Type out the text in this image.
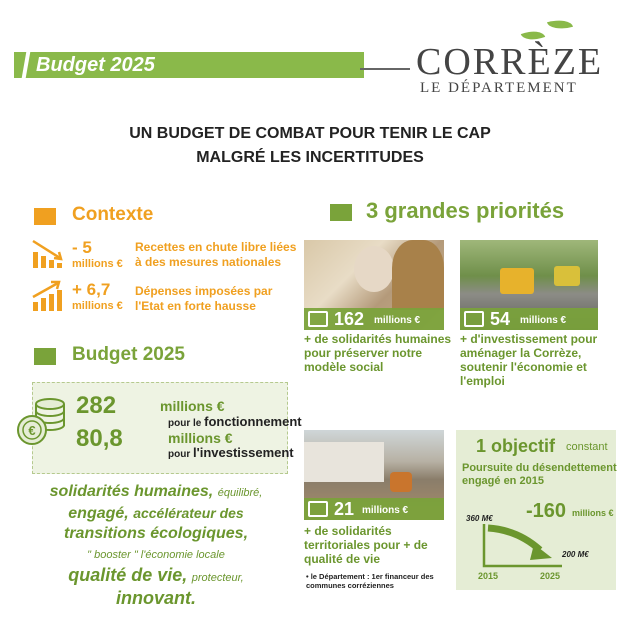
Budget 2025	CORRÈZE
LE DÉPARTEMENT
UN BUDGET DE COMBAT POUR TENIR LE CAP
MALGRÉ LES INCERTITUDES
Contexte
- 5
millions €
Recettes en chute libre liées
à des mesures nationales
+ 6,7
millions €
Dépenses imposées par
l'Etat en forte hausse
Budget 2025
€
282	millions €
pour le fonctionnement
80,8	millions €
pour l'investissement
solidarités humaines, équilibré,
engagé, accélérateur des
transitions écologiques,
" booster " l'économie locale
qualité de vie, protecteur,
innovant.
3 grandes priorités
162 millions €
+ de solidarités humaines
pour préserver notre
modèle social
54 millions €
+ d'investissement pour
aménager la Corrèze,
soutenir l'économie et
l'emploi
21 millions €
+ de solidarités
territoriales pour + de
qualité de vie
• le Département : 1er financeur des
communes corréziennes
1 objectif constant
Poursuite du désendettement
engagé en 2015
360 M€ -160 millions €
200 M€
2015	2025
